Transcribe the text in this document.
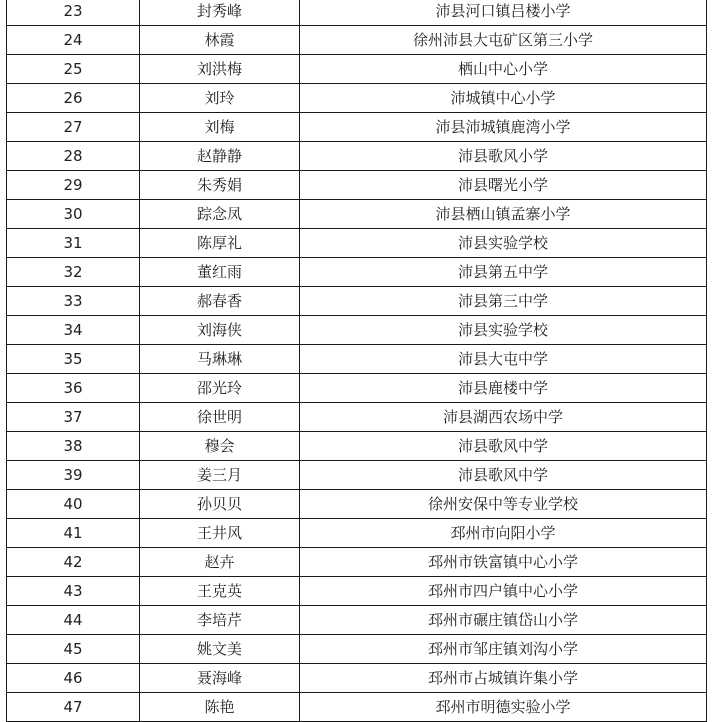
23	封秀峰	沛县河口镇吕楼小学
24	林霞	徐州沛县大屯矿区第三小学
25	刘洪梅	栖山中心小学
26	刘玲	沛城镇中心小学
27	刘梅	沛县沛城镇鹿湾小学
28	赵静静	沛县歌风小学
29	朱秀娟	沛县曙光小学
30	踪念凤	沛县栖山镇孟寨小学
31	陈厚礼	沛县实验学校
32	董红雨	沛县第五中学
33	郝春香	沛县第三中学
34	刘海侠	沛县实验学校
35	马琳琳	沛县大屯中学
36	邵光玲	沛县鹿楼中学
37	徐世明	沛县湖西农场中学
38	穆会	沛县歌风中学
39	姜三月	沛县歌风中学
40	孙贝贝	徐州安保中等专业学校
41	王井风	邳州市向阳小学
42	赵卉	邳州市铁富镇中心小学
43	王克英	邳州市四户镇中心小学
44	李培芹	邳州市碾庄镇岱山小学
45	姚文美	邳州市邹庄镇刘沟小学
46	聂海峰	邳州市占城镇许集小学
47	陈艳	邳州市明德实验小学
